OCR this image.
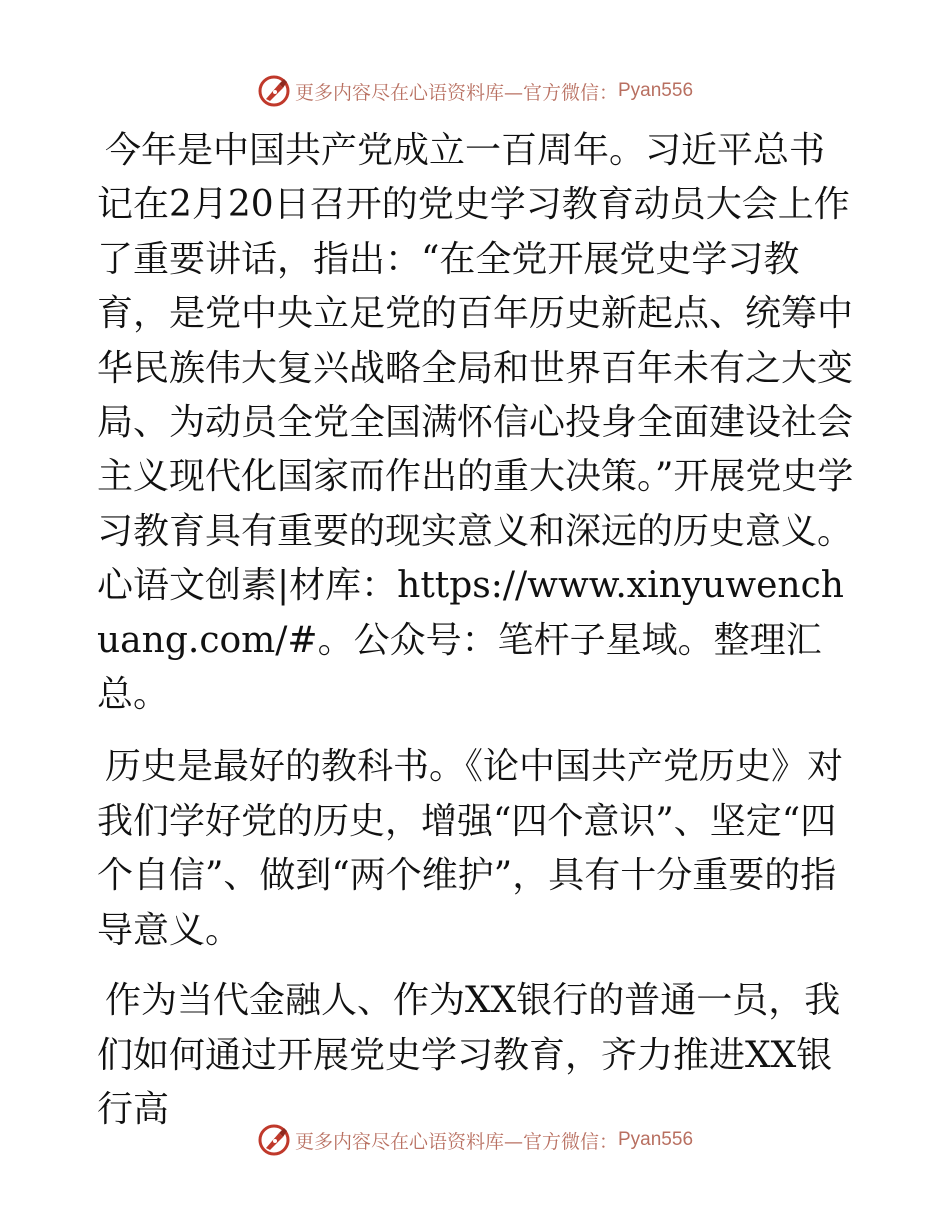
更多内容尽在心语资料库—官方微信： Pyan556

今年是中国共产党成立一百周年。习近平总书记在2月20日召开的党史学习教育动员大会上作了重要讲话，指出：“在全党开展党史学习教育，是党中央立足党的百年历史新起点、统筹中华民族伟大复兴战略全局和世界百年未有之大变局、为动员全党全国满怀信心投身全面建设社会主义现代化国家而作出的重大决策。”开展党史学习教育具有重要的现实意义和深远的历史意义。心语文创素|材库：https://www.xinyuwenchuang.com/#。公众号：笔杆子星域。整理汇总。

历史是最好的教科书。《论中国共产党历史》对我们学好党的历史，增强“四个意识”、坚定“四个自信”、做到“两个维护”，具有十分重要的指导意义。

作为当代金融人、作为XX银行的普通一员，我们如何通过开展党史学习教育，齐力推进XX银行高

更多内容尽在心语资料库—官方微信： Pyan556
